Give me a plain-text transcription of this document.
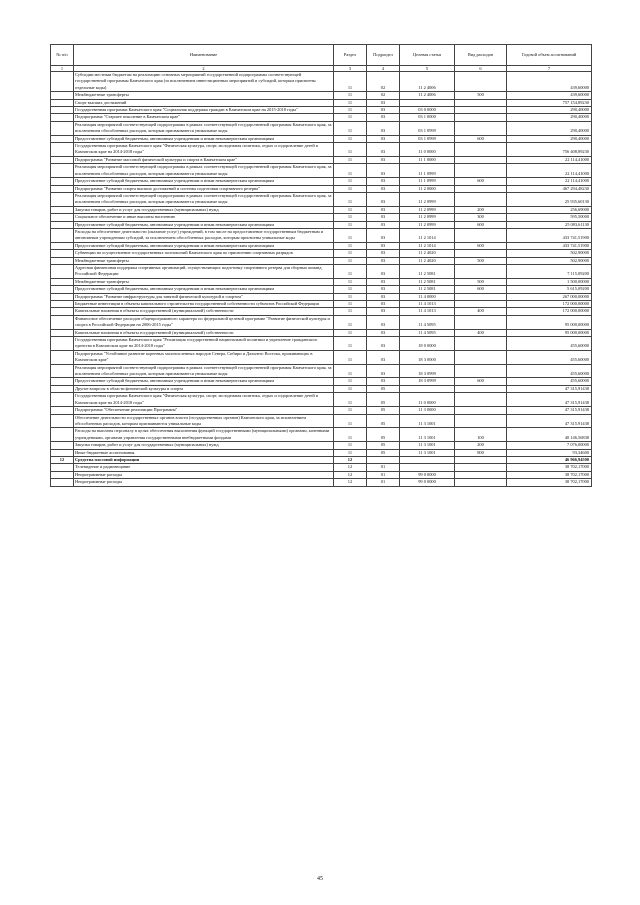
№ п/п	Наименование	Раздел	Подраздел	Целевая статья	Вид расходов	Годовой объем ассигнований
1	2	3	4	5	6	7
	Субсидии местным бюджетам на реализацию основных мероприятий государственной подпрограммы соответствующей государственной программы Камчатского края (за исключением инвестиционных мероприятий и субсидий, которым присвоены отдельные коды)	11	02	11 2 4006		439,60000
	Межбюджетные трансферты	11	02	11 2 4006	500	439,60000
	Спорт высших достижений	11	03			757 154,89230
	Государственная программа Камчатского края "Социальная поддержка граждан в Камчатском крае на 2015-2018 годы"	11	03	03 0 0000		290,40000
	Подпрограмма "Старшее поколение в Камчатском крае"	11	03	03 1 0000		290,40000
	Реализация мероприятий соответствующей подпрограммы в рамках соответствующей государственной программы Камчатского края, за исключением обособленных расходов, которым присваиваются уникальные коды	11	03	03 1 0999		290,40000
	Предоставление субсидий бюджетным, автономным учреждениям и иным некоммерческим организациям	11	03	03 1 0999	600	290,40000
	Государственная программа Камчатского края "Физическая культура, спорт, молодежная политика, отдых и оздоровление детей в Камчатском крае на 2014-2018 годы"	11	03	11 0 0000		756 408,89230
	Подпрограмма "Развитие массовой физической культуры и спорта в Камчатском крае"	11	03	11 1 0000		22 114,41000
	Реализация мероприятий соответствующей подпрограммы в рамках соответствующей государственной программы Камчатского края, за исключением обособленных расходов, которым присваиваются уникальные коды	11	03	11 1 0999		22 114,41000
	Предоставление субсидий бюджетным, автономным учреждениям и иным некоммерческим организациям	11	03	11 1 0999	600	22 114,41000
	Подпрограмма "Развитие спорта высших достижений и системы подготовки спортивного резерва"	11	03	11 2 0000		467 294,48230
	Реализация мероприятий соответствующей подпрограммы в рамках соответствующей государственной программы Камчатского края, за исключением обособленных расходов, которым присваиваются уникальные коды	11	03	11 2 0999		25 935,60130
	Закупка товаров, работ и услуг для государственных (муниципальных) нужд	11	03	11 2 0999	200	256,69000
	Социальное обеспечение и иные выплаты населению	11	03	11 2 0999	300	595,50000
	Предоставление субсидий бюджетным, автономным учреждениям и иным некоммерческим организациям	11	03	11 2 0999	600	25 083,61130
	Расходы на обеспечение деятельности (оказание услуг) учреждений, в том числе на предоставление государственным бюджетным и автономным учреждениям субсидий, за исключением обособленных расходов, которым присвоены уникальные коды	11	03	11 2 1014		433 741,51900
	Предоставление субсидий бюджетным, автономным учреждениям и иным некоммерческим организациям	11	03	11 2 1014	600	433 741,51900
	Субвенции на осуществление государственных полномочий Камчатского края по присвоению спортивных разрядов	11	03	11 2 4020		502,90000
	Межбюджетные трансферты	11	03	11 2 4020	500	502,90000
	Адресная финансовая поддержка спортивных организаций, осуществляющих подготовку спортивного резерва для сборных команд Российской Федерации	11	03	11 2 5081		7 115,09200
	Межбюджетные трансферты	11	03	11 2 5081	500	1 500,00000
	Предоставление субсидий бюджетным, автономным учреждениям и иным некоммерческим организациям	11	03	11 2 5081	600	5 615,09200
	Подпрограмма "Развитие инфраструктуры для занятий физической культурой и спортом"	11	03	11 4 0000		267 000,00000
	Бюджетные инвестиции в объекты капитального строительства государственной собственности субъектов Российской Федерации	11	03	11 4 1013		172 000,00000
	Капитальные вложения в объекты государственной (муниципальной) собственности	11	03	11 4 1013	400	172 000,00000
	Финансовое обеспечение расходов общепрограммного характера по федеральной целевой программе "Развитие физической культуры и спорта в Российской Федерации на 2006-2015 годы"	11	03	11 4 5095		95 000,00000
	Капитальные вложения в объекты государственной (муниципальной) собственности	11	03	11 4 5095	400	95 000,00000
	Государственная программа Камчатского края "Реализация государственной национальной политики и укрепление гражданского единства в Камчатском крае на 2014-2018 годы"	11	03	18 0 0000		455,60000
	Подпрограмма "Устойчивое развитие коренных малочисленных народов Севера, Сибири и Дальнего Востока, проживающих в Камчатском крае"	11	03	18 3 0000		455,60000
	Реализация мероприятий соответствующей подпрограммы в рамках соответствующей государственной программы Камчатского края, за исключением обособленных расходов, которым присваиваются уникальные коды	11	03	18 3 0999		455,60000
	Предоставление субсидий бюджетным, автономным учреждениям и иным некоммерческим организациям	11	03	18 3 0999	600	455,60000
	Другие вопросы в области физической культуры и спорта	11	05			47 315,91438
	Государственная программа Камчатского края "Физическая культура, спорт, молодежная политика, отдых и оздоровление детей в Камчатском крае на 2014-2018 годы"	11	05	11 0 0000		47 315,91438
	Подпрограмма "Обеспечение реализации Программы"	11	05	11 3 0000		47 315,91438
	Обеспечение деятельности государственных органов власти (государственных органов) Камчатского края, за исключением обособленных расходов, которым присваиваются уникальные коды	11	05	11 3 1001		47 315,91438
	Расходы на выплаты персоналу в целях обеспечения выполнения функций государственными (муниципальными) органами, казенными учреждениями, органами управления государственными внебюджетными фондами	11	05	11 3 1001	100	40 146,56838
	Закупка товаров, работ и услуг для государственных (муниципальных) нужд	11	05	11 3 1001	200	7 076,00000
	Иные бюджетные ассигнования	11	05	11 3 1001	800	93,34600
12	Средства массовой информации	12				46 966,94500
	Телевидение и радиовещание	12	01			38 702,17000
	Непрограммные расходы	12	01	99 0 0000		38 702,17000
	Непрограммные расходы	12	01	99 0 0000		38 702,17000
45
